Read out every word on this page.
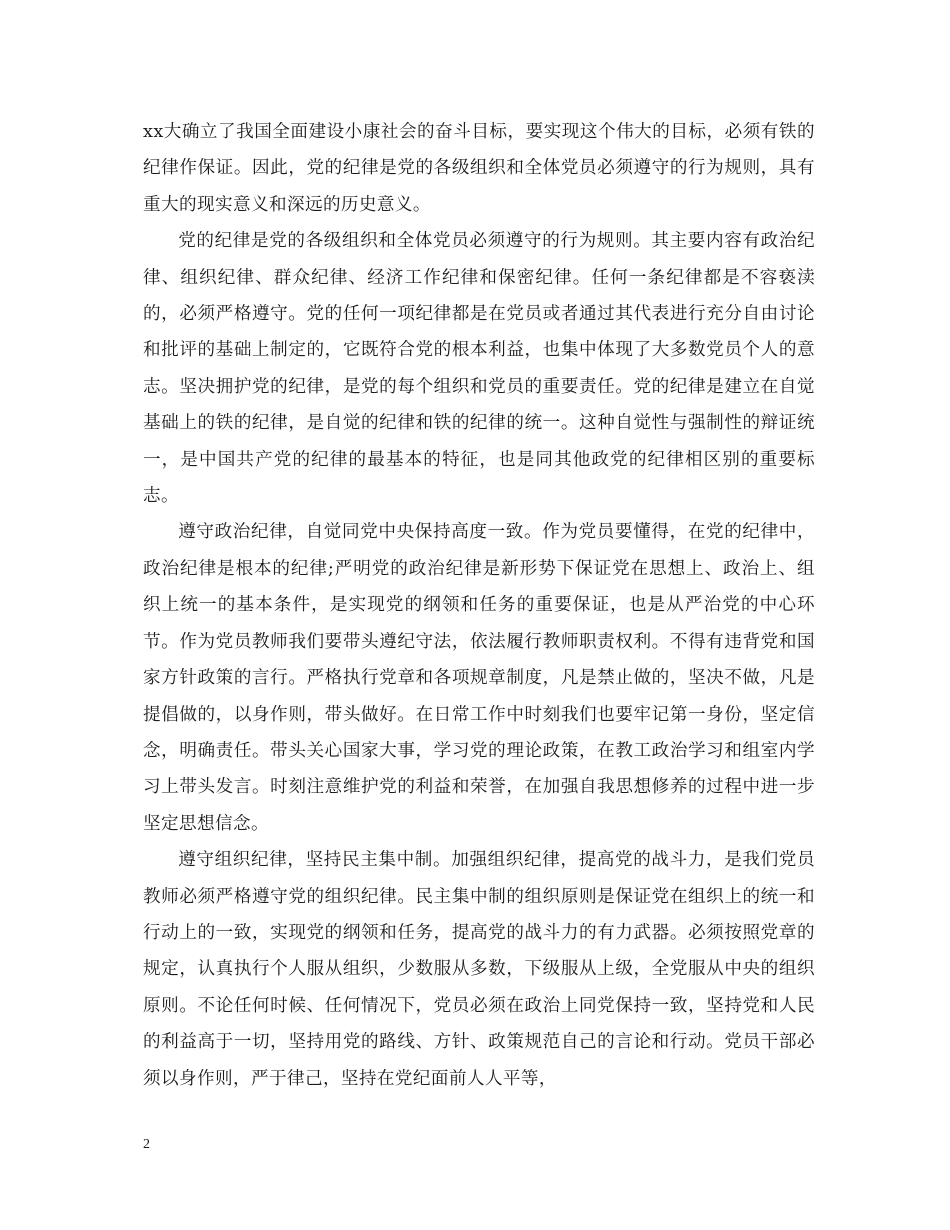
xx大确立了我国全面建设小康社会的奋斗目标，要实现这个伟大的目标，必须有铁的纪律作保证。因此，党的纪律是党的各级组织和全体党员必须遵守的行为规则，具有重大的现实意义和深远的历史意义。

党的纪律是党的各级组织和全体党员必须遵守的行为规则。其主要内容有政治纪律、组织纪律、群众纪律、经济工作纪律和保密纪律。任何一条纪律都是不容亵渎的，必须严格遵守。党的任何一项纪律都是在党员或者通过其代表进行充分自由讨论和批评的基础上制定的，它既符合党的根本利益，也集中体现了大多数党员个人的意志。坚决拥护党的纪律，是党的每个组织和党员的重要责任。党的纪律是建立在自觉基础上的铁的纪律，是自觉的纪律和铁的纪律的统一。这种自觉性与强制性的辩证统一，是中国共产党的纪律的最基本的特征，也是同其他政党的纪律相区别的重要标志。

遵守政治纪律，自觉同党中央保持高度一致。作为党员要懂得，在党的纪律中，政治纪律是根本的纪律;严明党的政治纪律是新形势下保证党在思想上、政治上、组织上统一的基本条件，是实现党的纲领和任务的重要保证，也是从严治党的中心环节。作为党员教师我们要带头遵纪守法，依法履行教师职责权利。不得有违背党和国家方针政策的言行。严格执行党章和各项规章制度，凡是禁止做的，坚决不做，凡是提倡做的，以身作则，带头做好。在日常工作中时刻我们也要牢记第一身份，坚定信念，明确责任。带头关心国家大事，学习党的理论政策，在教工政治学习和组室内学习上带头发言。时刻注意维护党的利益和荣誉，在加强自我思想修养的过程中进一步坚定思想信念。

遵守组织纪律，坚持民主集中制。加强组织纪律，提高党的战斗力，是我们党员教师必须严格遵守党的组织纪律。民主集中制的组织原则是保证党在组织上的统一和行动上的一致，实现党的纲领和任务，提高党的战斗力的有力武器。必须按照党章的规定，认真执行个人服从组织，少数服从多数，下级服从上级，全党服从中央的组织原则。不论任何时候、任何情况下，党员必须在政治上同党保持一致，坚持党和人民的利益高于一切，坚持用党的路线、方针、政策规范自己的言论和行动。党员干部必须以身作则，严于律己，坚持在党纪面前人人平等，

2
